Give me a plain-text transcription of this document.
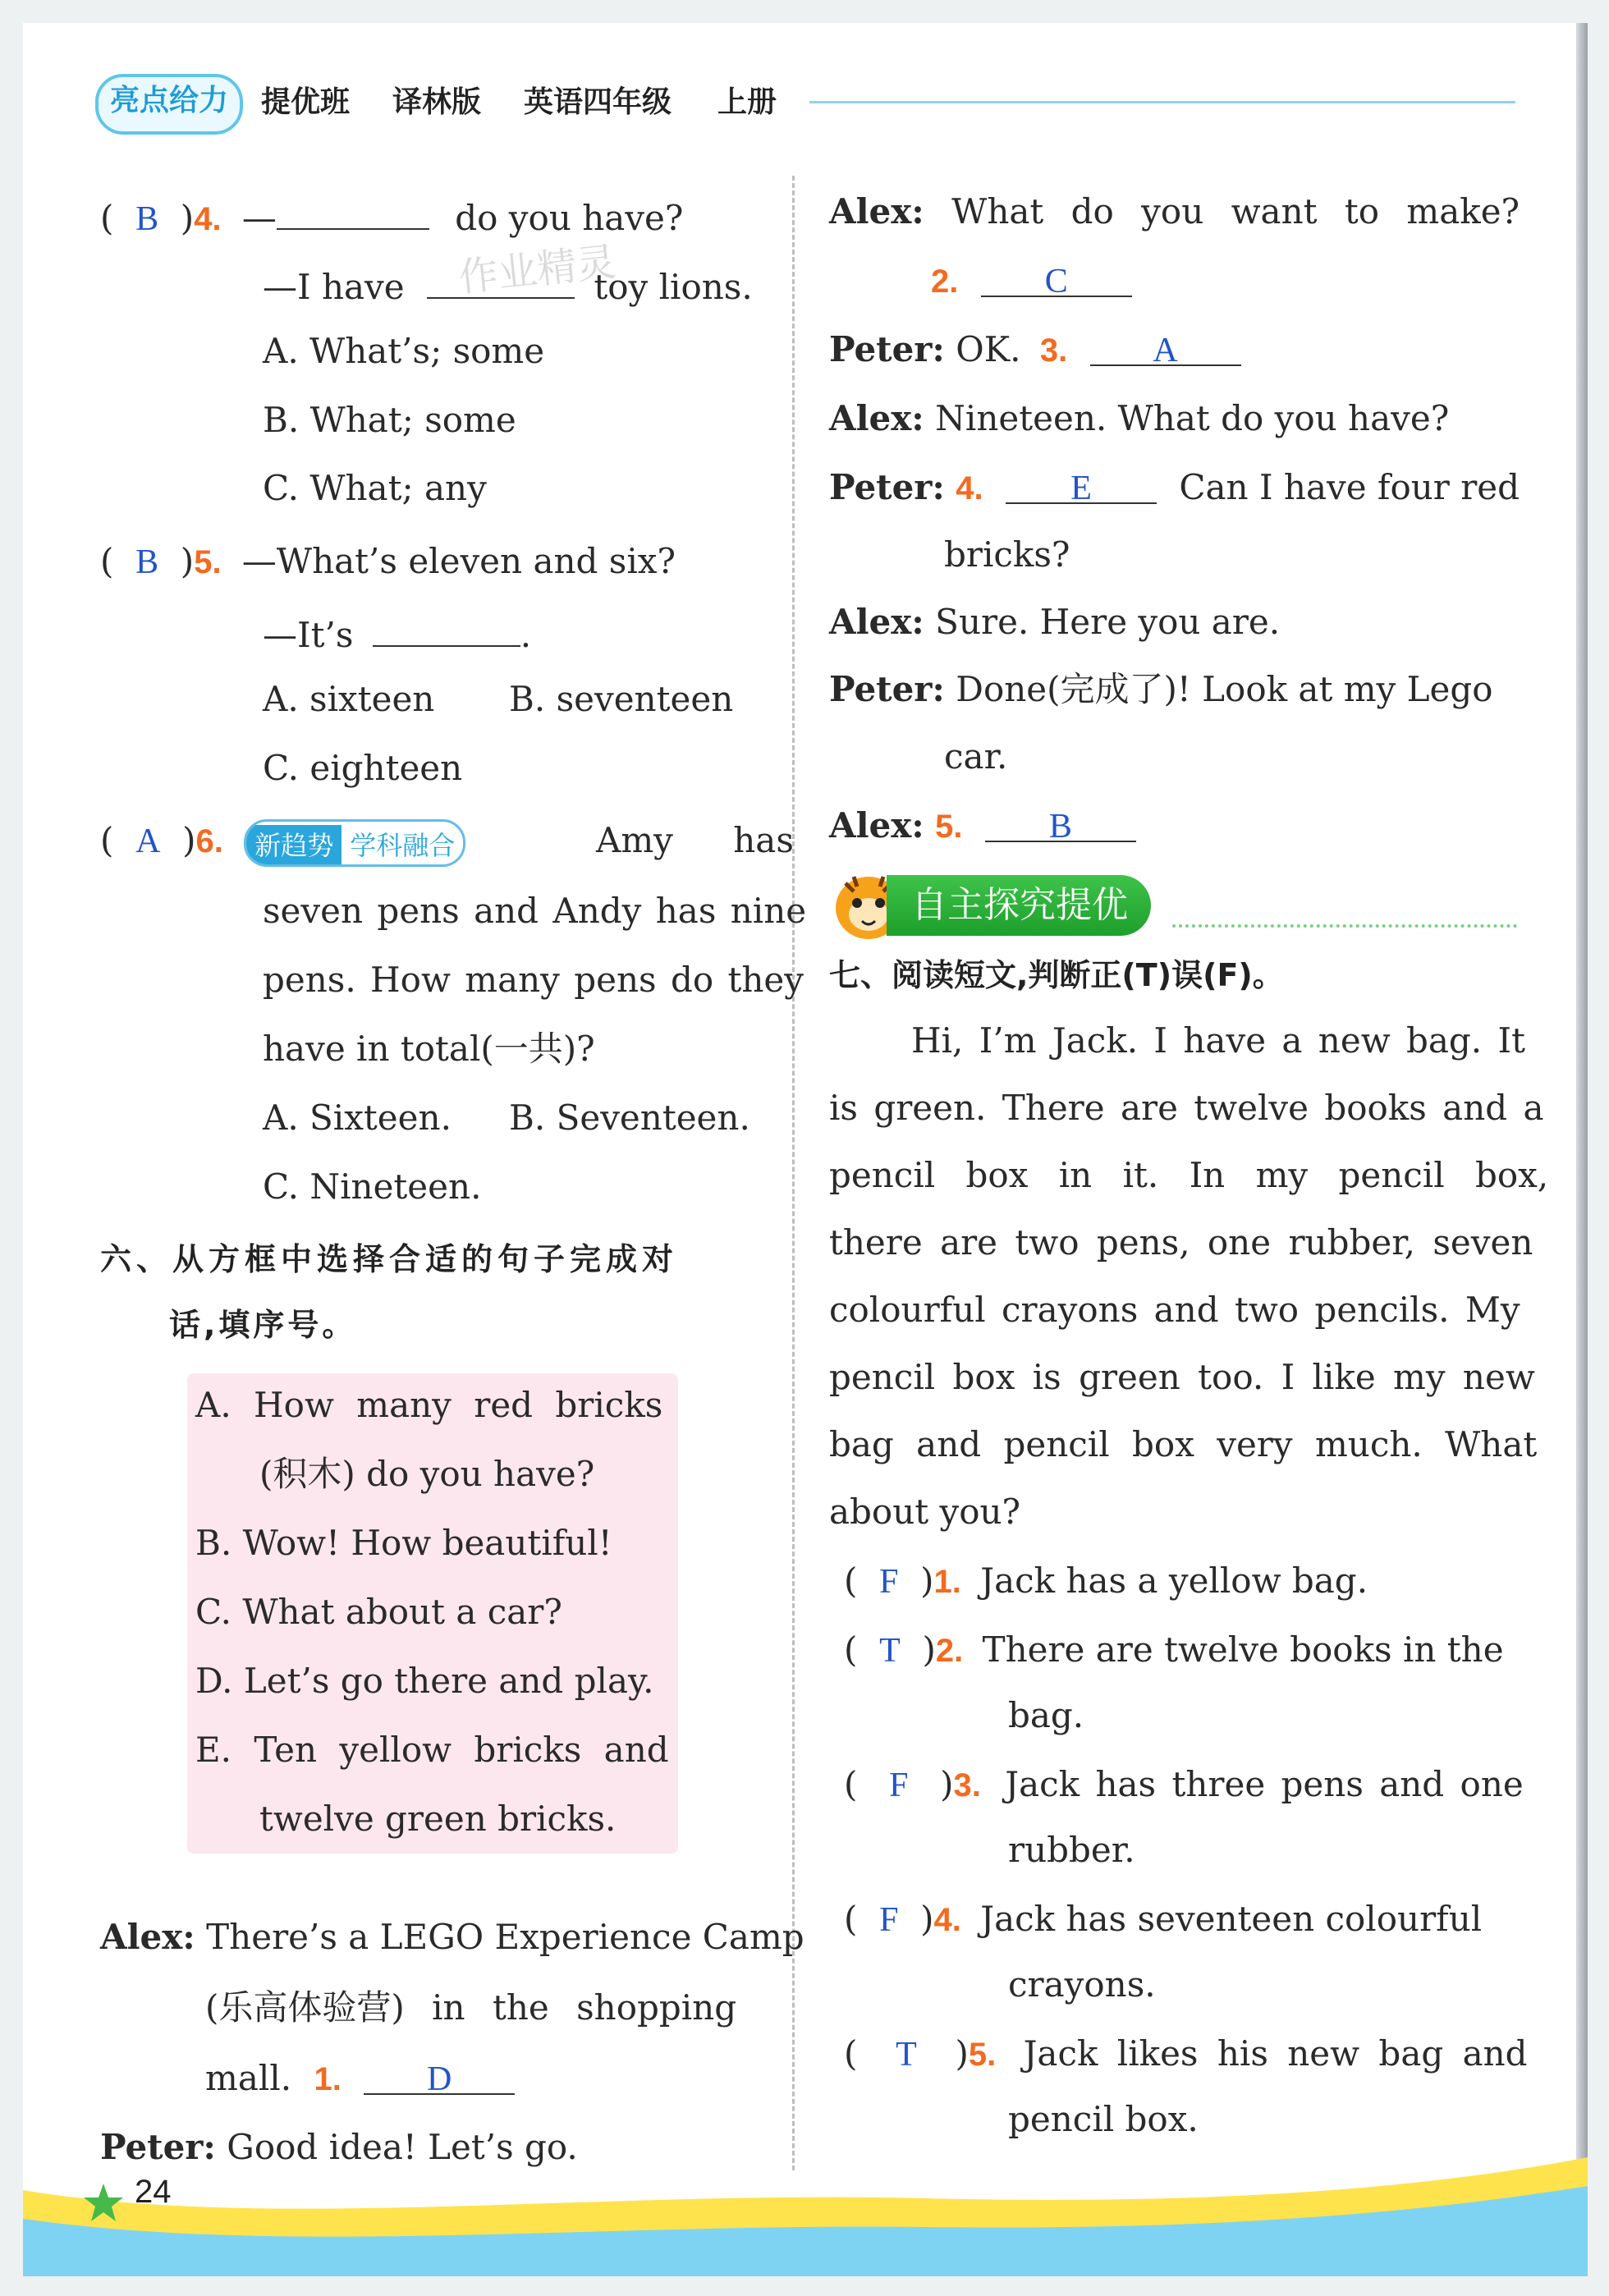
亮点给力	提优班 译林版 英语四年级 上册
作业精灵
(  B  )4. —	do you have?
—I have	toy lions.
A. What’s; some
B. What; some
C. What; any
(  B  )5. —What’s eleven and six?
—It’s	.
A. sixteen B. seventeen
C. eighteen
(  A  )6. 新趋势 学科融合	Amy has
seven pens and Andy has nine
pens. How many pens do they
have in total(一共)?
A. Sixteen. B. Seventeen.
C. Nineteen.
六、从方框中选择合适的句子完成对
话,填序号。
A. How many red bricks
(积木) do you have?
B. Wow! How beautiful!
C. What about a car?
D. Let’s go there and play.
E. Ten yellow bricks and
twelve green bricks.
Alex: There’s a LEGO Experience Camp
(乐高体验营) in the shopping
mall. 1. D
Peter: Good idea! Let’s go.
Alex: What do you want to make?
2.	C
Peter: OK. 3. A
Alex: Nineteen. What do you have?
Peter: 4.	E	Can I have four red
bricks?
Alex: Sure. Here you are.
Peter: Done(完成了)! Look at my Lego
car.
Alex: 5.	B
自主探究提优
七、阅读短文,判断正(T)误(F)。
Hi, I’m Jack. I have a new bag. It
is green. There are twelve books and a
pencil box in it. In my pencil box,
there are two pens, one rubber, seven
colourful crayons and two pencils. My
pencil box is green too. I like my new
bag and pencil box very much. What
about you?
(  F  )1. Jack has a yellow bag.
(  T  )2. There are twelve books in the
bag.
(  F  )3. Jack has three pens and one
rubber.
(  F  )4. Jack has seventeen colourful
crayons.
(  T  )5. Jack likes his new bag and
pencil box.
24
